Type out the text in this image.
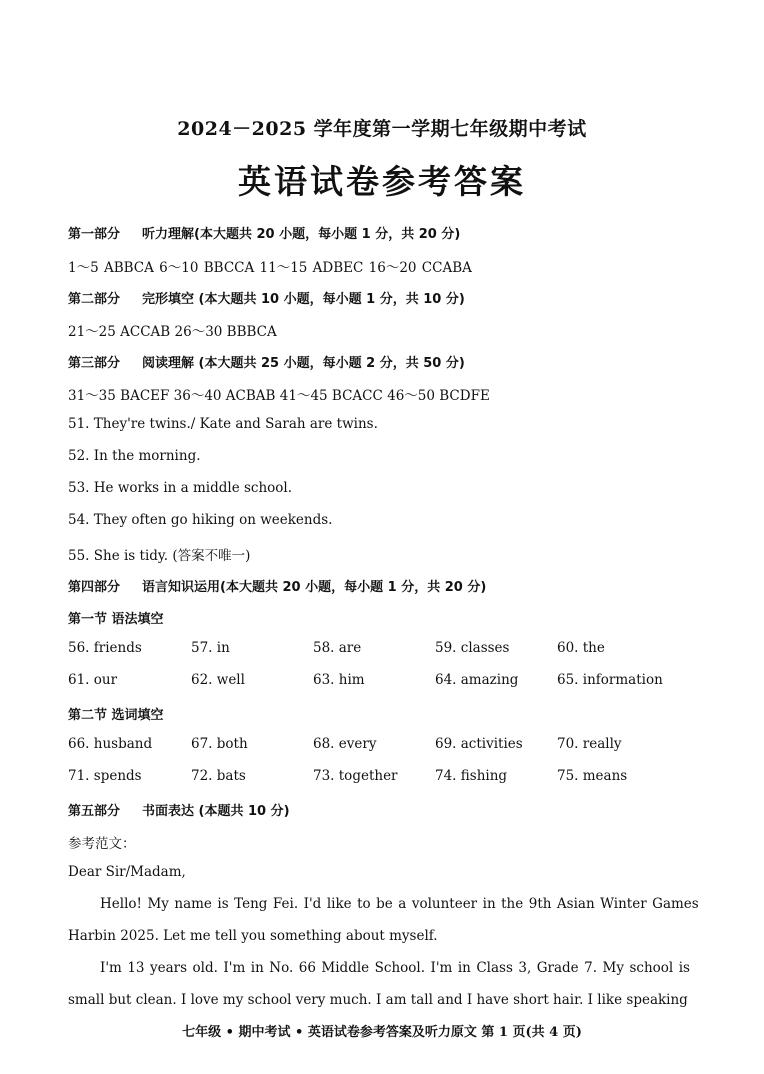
2024－2025 学年度第一学期七年级期中考试
英语试卷参考答案
第一部分 听力理解(本大题共 20 小题，每小题 1 分，共 20 分)
1～5 ABBCA 6～10 BBCCA 11～15 ADBEC 16～20 CCABA
第二部分 完形填空 (本大题共 10 小题，每小题 1 分，共 10 分)
21～25 ACCAB 26～30 BBBCA
第三部分 阅读理解 (本大题共 25 小题，每小题 2 分，共 50 分)
31～35 BACEF 36～40 ACBAB 41～45 BCACC 46～50 BCDFE
51. They're twins./ Kate and Sarah are twins.
52. In the morning.
53. He works in a middle school.
54. They often go hiking on weekends.
55. She is tidy. (答案不唯一)
第四部分 语言知识运用(本大题共 20 小题，每小题 1 分，共 20 分)
第一节 语法填空
56. friends	57. in	58. are	59. classes	60. the
61. our	62. well	63. him	64. amazing	65. information
第二节 选词填空
66. husband	67. both	68. every	69. activities	70. really
71. spends	72. bats	73. together	74. fishing	75. means
第五部分 书面表达 (本题共 10 分)
参考范文：
Dear Sir/Madam,
Hello! My name is Teng Fei. I'd like to be a volunteer in the 9th Asian Winter Games
Harbin 2025. Let me tell you something about myself.
I'm 13 years old. I'm in No. 66 Middle School. I'm in Class 3, Grade 7. My school is
small but clean. I love my school very much. I am tall and I have short hair. I like speaking
七年级 • 期中考试 • 英语试卷参考答案及听力原文 第 1 页(共 4 页)
